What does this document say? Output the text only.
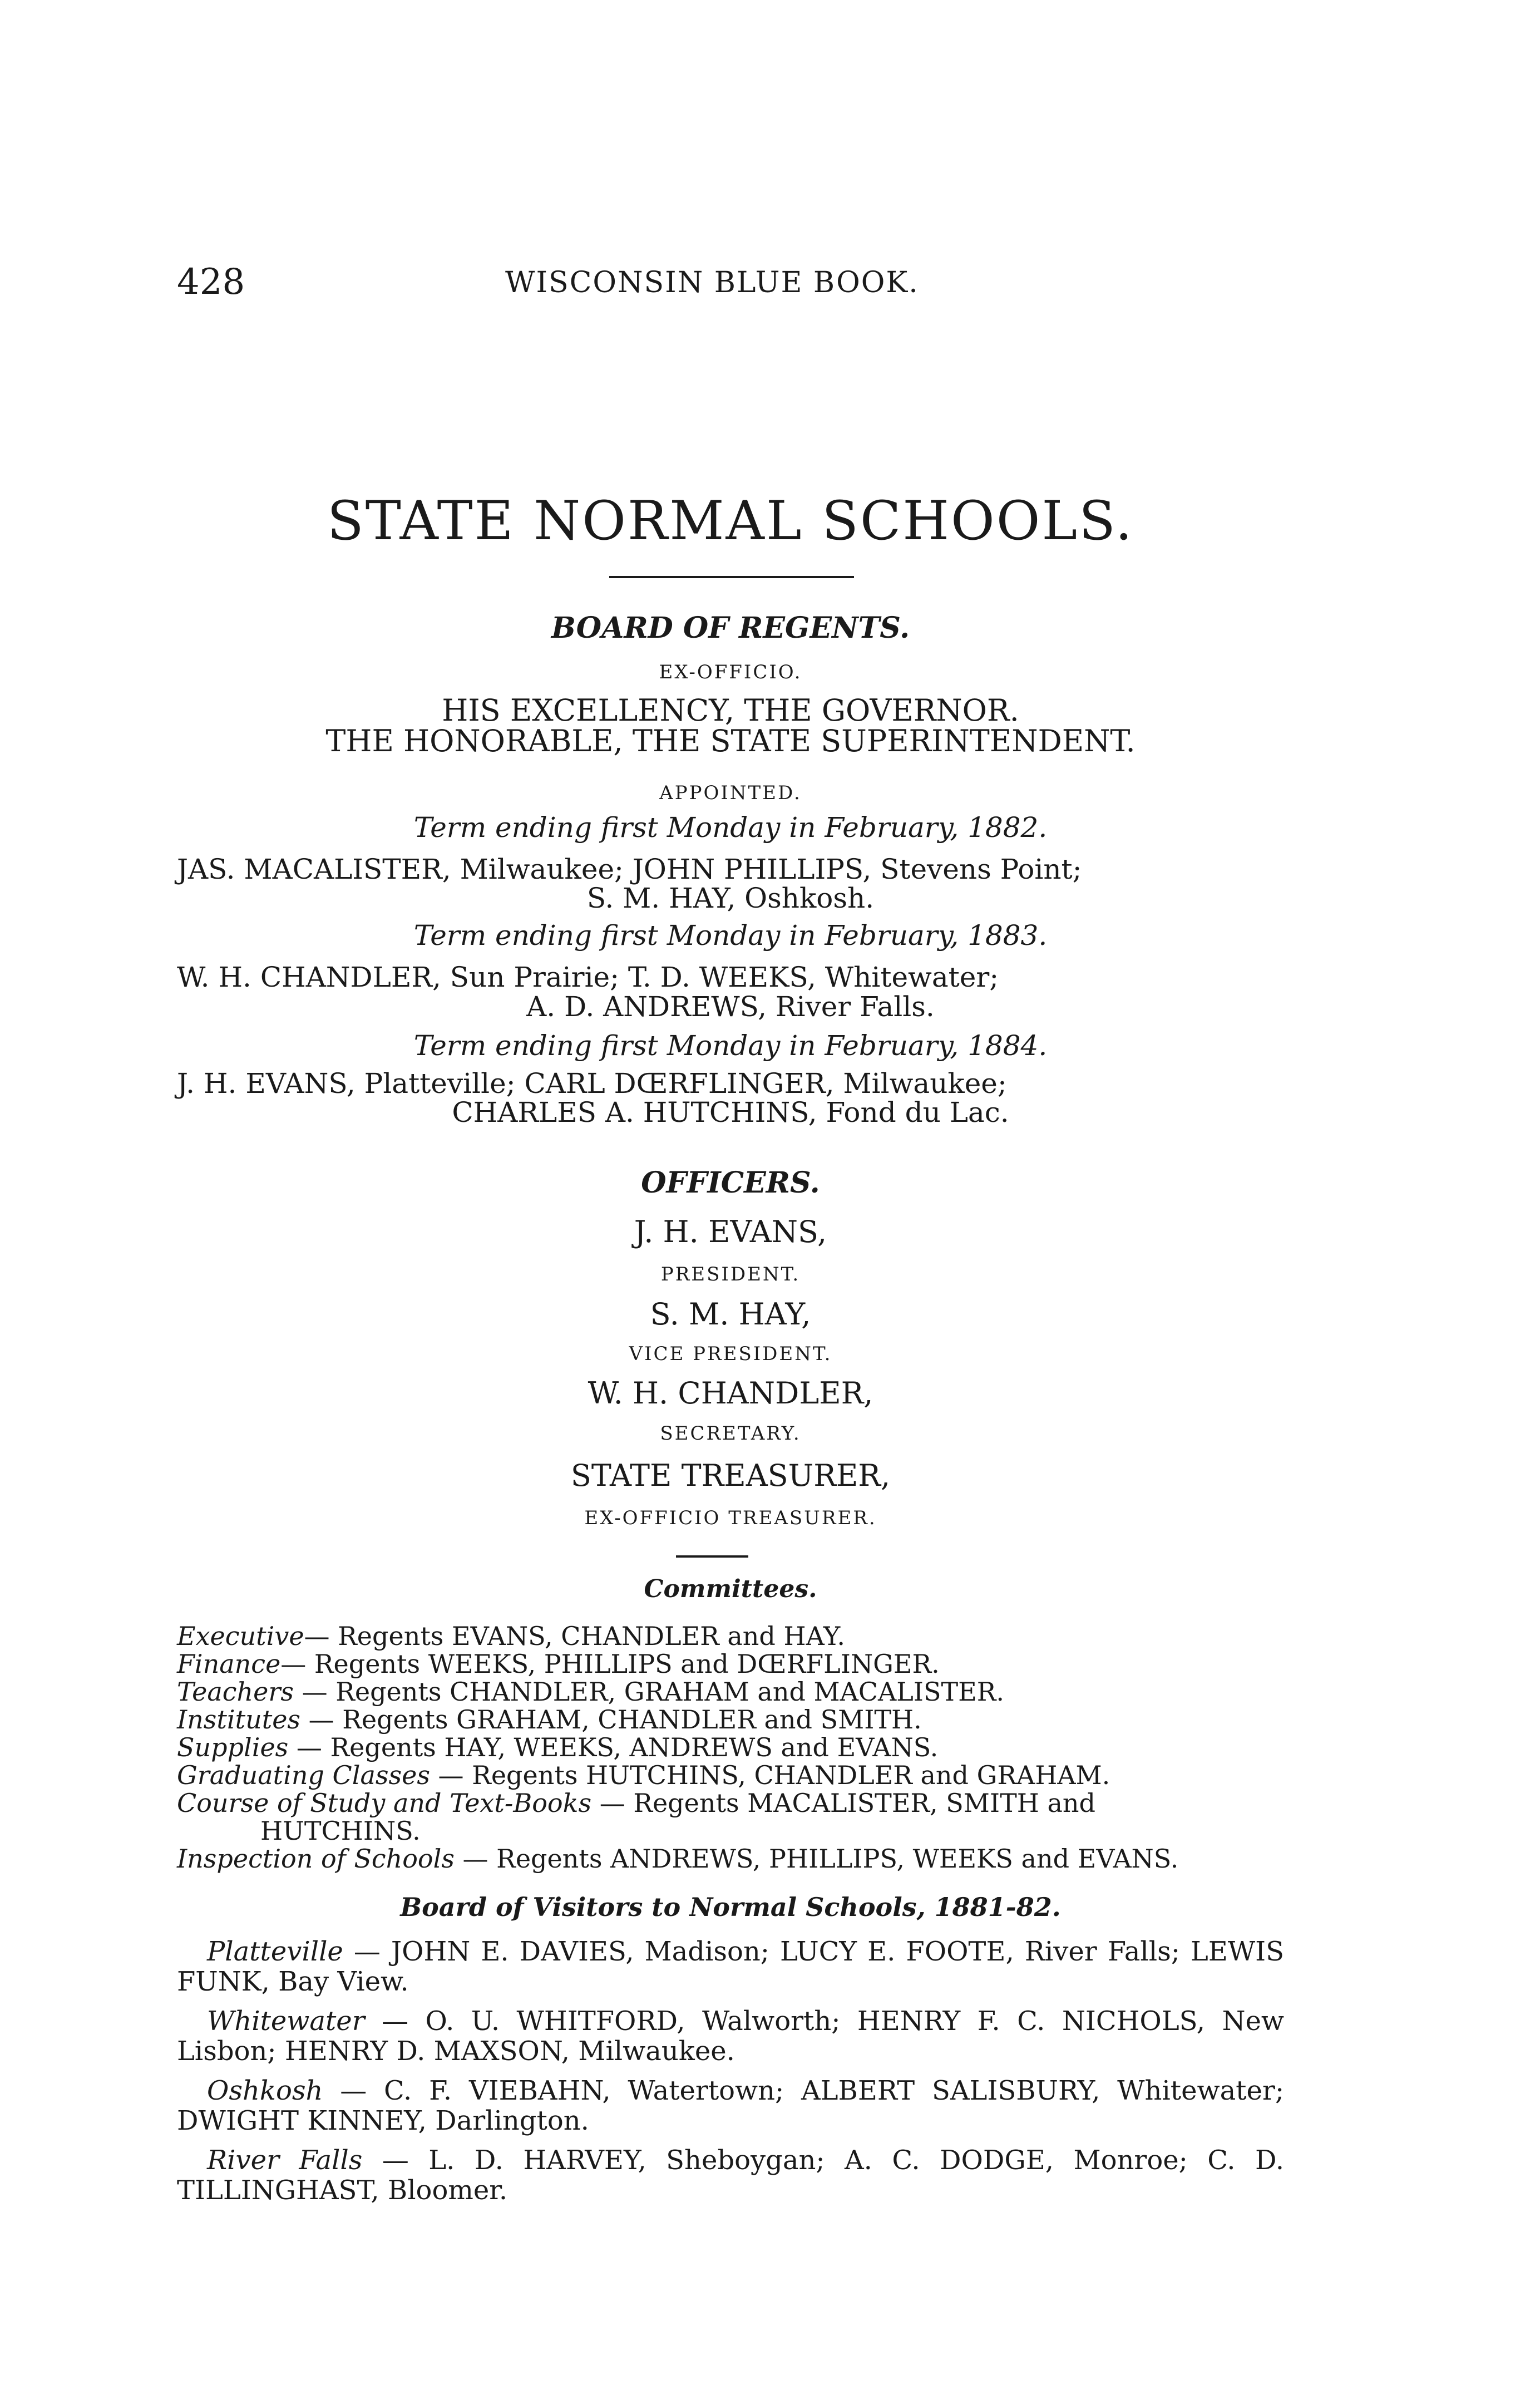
428	WISCONSIN BLUE BOOK.
STATE NORMAL SCHOOLS.
BOARD OF REGENTS.
EX-OFFICIO.
HIS EXCELLENCY, THE GOVERNOR.
THE HONORABLE, THE STATE SUPERINTENDENT.
APPOINTED.
Term ending first Monday in February, 1882.
JAS. MACALISTER, Milwaukee; JOHN PHILLIPS, Stevens Point;
S. M. HAY, Oshkosh.
Term ending first Monday in February, 1883.
W. H. CHANDLER, Sun Prairie; T. D. WEEKS, Whitewater;
A. D. ANDREWS, River Falls.
Term ending first Monday in February, 1884.
J. H. EVANS, Platteville; CARL DŒRFLINGER, Milwaukee;
CHARLES A. HUTCHINS, Fond du Lac.
OFFICERS.
J. H. EVANS,
PRESIDENT.
S. M. HAY,
VICE PRESIDENT.
W. H. CHANDLER,
SECRETARY.
STATE TREASURER,
EX-OFFICIO TREASURER.
Committees.
Executive— Regents EVANS, CHANDLER and HAY.
Finance— Regents WEEKS, PHILLIPS and DŒRFLINGER.
Teachers — Regents CHANDLER, GRAHAM and MACALISTER.
Institutes — Regents GRAHAM, CHANDLER and SMITH.
Supplies — Regents HAY, WEEKS, ANDREWS and EVANS.
Graduating Classes — Regents HUTCHINS, CHANDLER and GRAHAM.
Course of Study and Text-Books — Regents MACALISTER, SMITH and
HUTCHINS.
Inspection of Schools — Regents ANDREWS, PHILLIPS, WEEKS and EVANS.
Board of Visitors to Normal Schools, 1881-82.
Platteville — JOHN E. DAVIES, Madison; LUCY E. FOOTE, River Falls; LEWIS FUNK, Bay View.
Whitewater — O. U. WHITFORD, Walworth; HENRY F. C. NICHOLS, New Lisbon; HENRY D. MAXSON, Milwaukee.
Oshkosh — C. F. VIEBAHN, Watertown; ALBERT SALISBURY, Whitewater; DWIGHT KINNEY, Darlington.
River Falls — L. D. HARVEY, Sheboygan; A. C. DODGE, Monroe; C. D. TILLINGHAST, Bloomer.
